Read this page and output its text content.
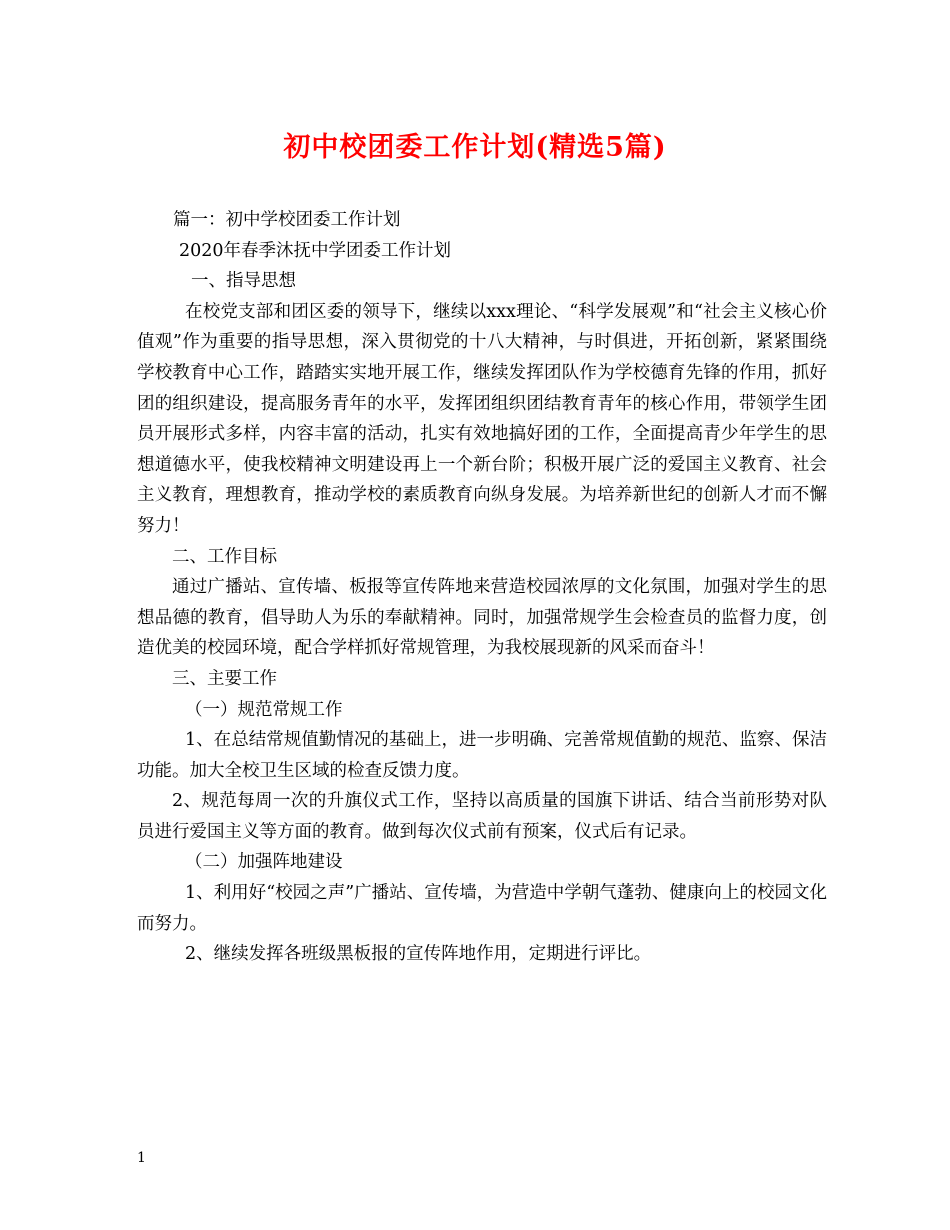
初中校团委工作计划(精选5篇)

篇一：初中学校团委工作计划

2020年春季沐抚中学团委工作计划

一、指导思想

在校党支部和团区委的领导下，继续以xxx理论、“科学发展观”和“社会主义核心价值观”作为重要的指导思想，深入贯彻党的十八大精神，与时俱进，开拓创新，紧紧围绕学校教育中心工作，踏踏实实地开展工作，继续发挥团队作为学校德育先锋的作用，抓好团的组织建设，提高服务青年的水平，发挥团组织团结教育青年的核心作用，带领学生团员开展形式多样，内容丰富的活动，扎实有效地搞好团的工作，全面提高青少年学生的思想道德水平，使我校精神文明建设再上一个新台阶；积极开展广泛的爱国主义教育、社会主义教育，理想教育，推动学校的素质教育向纵身发展。为培养新世纪的创新人才而不懈努力！

二、工作目标

通过广播站、宣传墙、板报等宣传阵地来营造校园浓厚的文化氛围，加强对学生的思想品德的教育，倡导助人为乐的奉献精神。同时，加强常规学生会检查员的监督力度，创造优美的校园环境，配合学样抓好常规管理，为我校展现新的风采而奋斗！

三、主要工作

（一）规范常规工作

1、在总结常规值勤情况的基础上，进一步明确、完善常规值勤的规范、监察、保洁功能。加大全校卫生区域的检查反馈力度。

2、规范每周一次的升旗仪式工作，坚持以高质量的国旗下讲话、结合当前形势对队员进行爱国主义等方面的教育。做到每次仪式前有预案，仪式后有记录。

（二）加强阵地建设

1、利用好“校园之声”广播站、宣传墙，为营造中学朝气蓬勃、健康向上的校园文化而努力。

2、继续发挥各班级黑板报的宣传阵地作用，定期进行评比。

1
